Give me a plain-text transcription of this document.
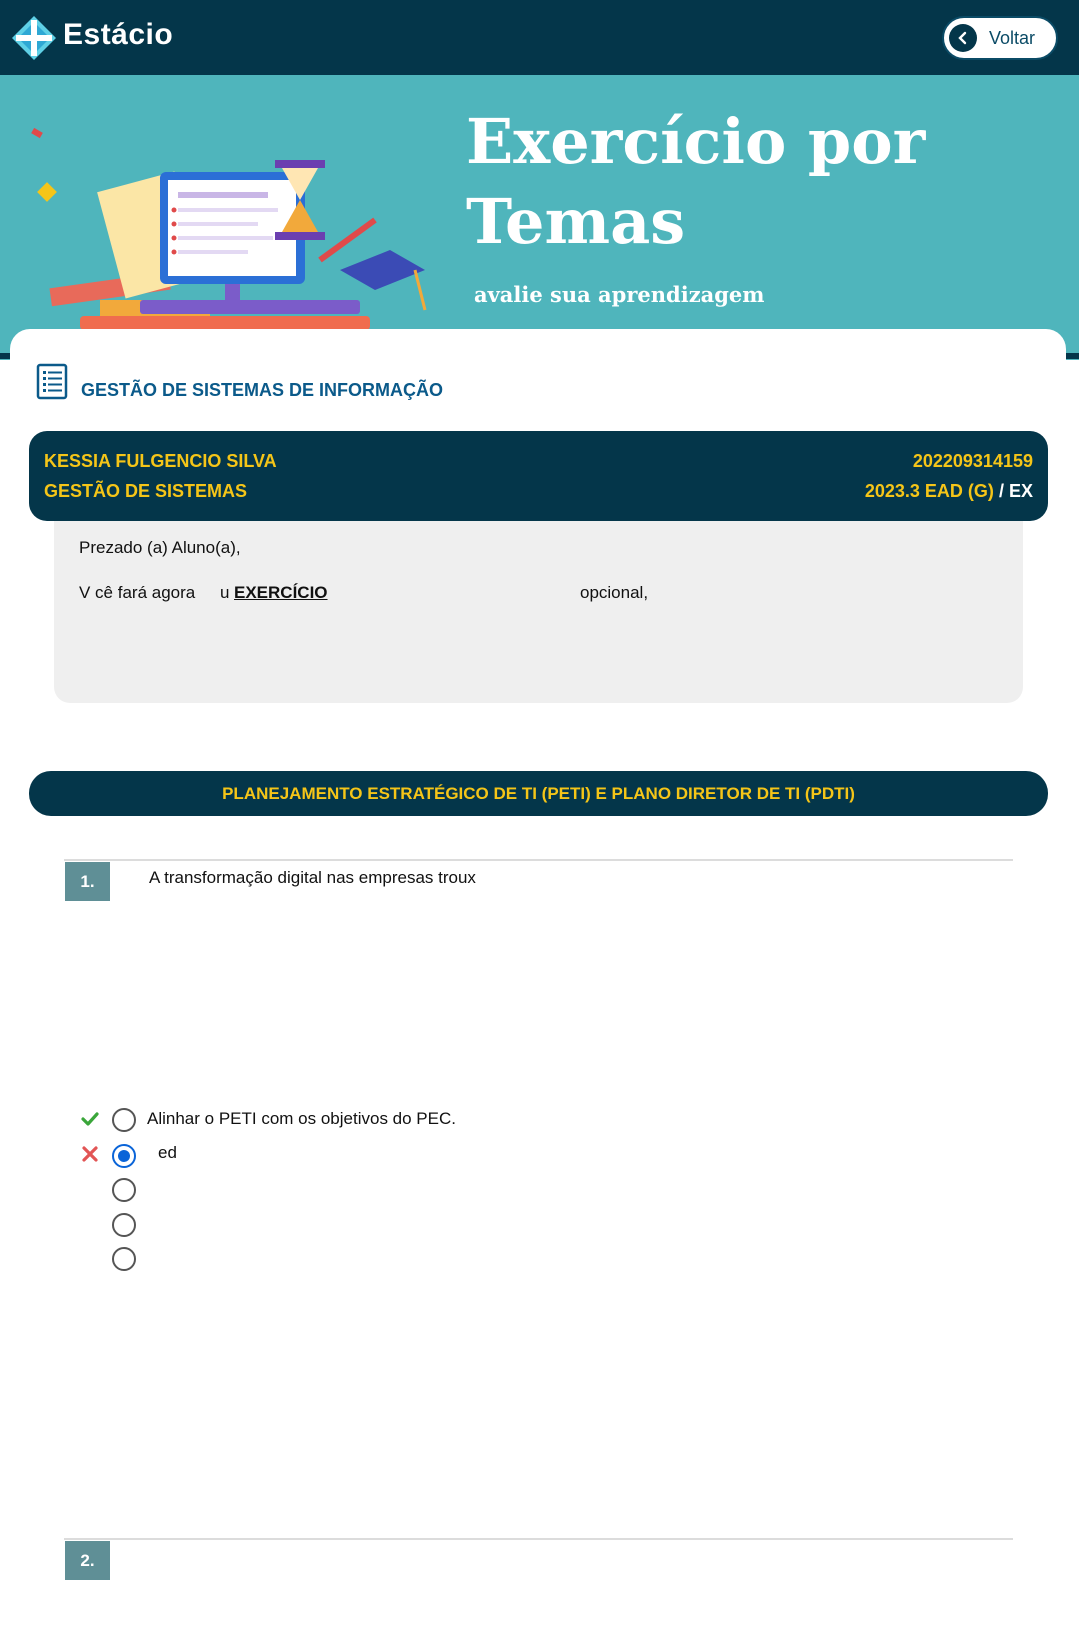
Estácio	Voltar
Exercício por Temas
avalie sua aprendizagem
GESTÃO DE SISTEMAS DE INFORMAÇÃO
KESSIA FULGENCIO SILVA
GESTÃO DE SISTEMAS
202209314159
2023.3 EAD (G) / EX
Prezado (a) Aluno(a),
V cê fará agora u EXERCÍCIO	opcional,
PLANEJAMENTO ESTRATÉGICO DE TI (PETI) E PLANO DIRETOR DE TI (PDTI)
1.	A transformação digital nas empresas troux
Alinhar o PETI com os objetivos do PEC.
ed
2.
